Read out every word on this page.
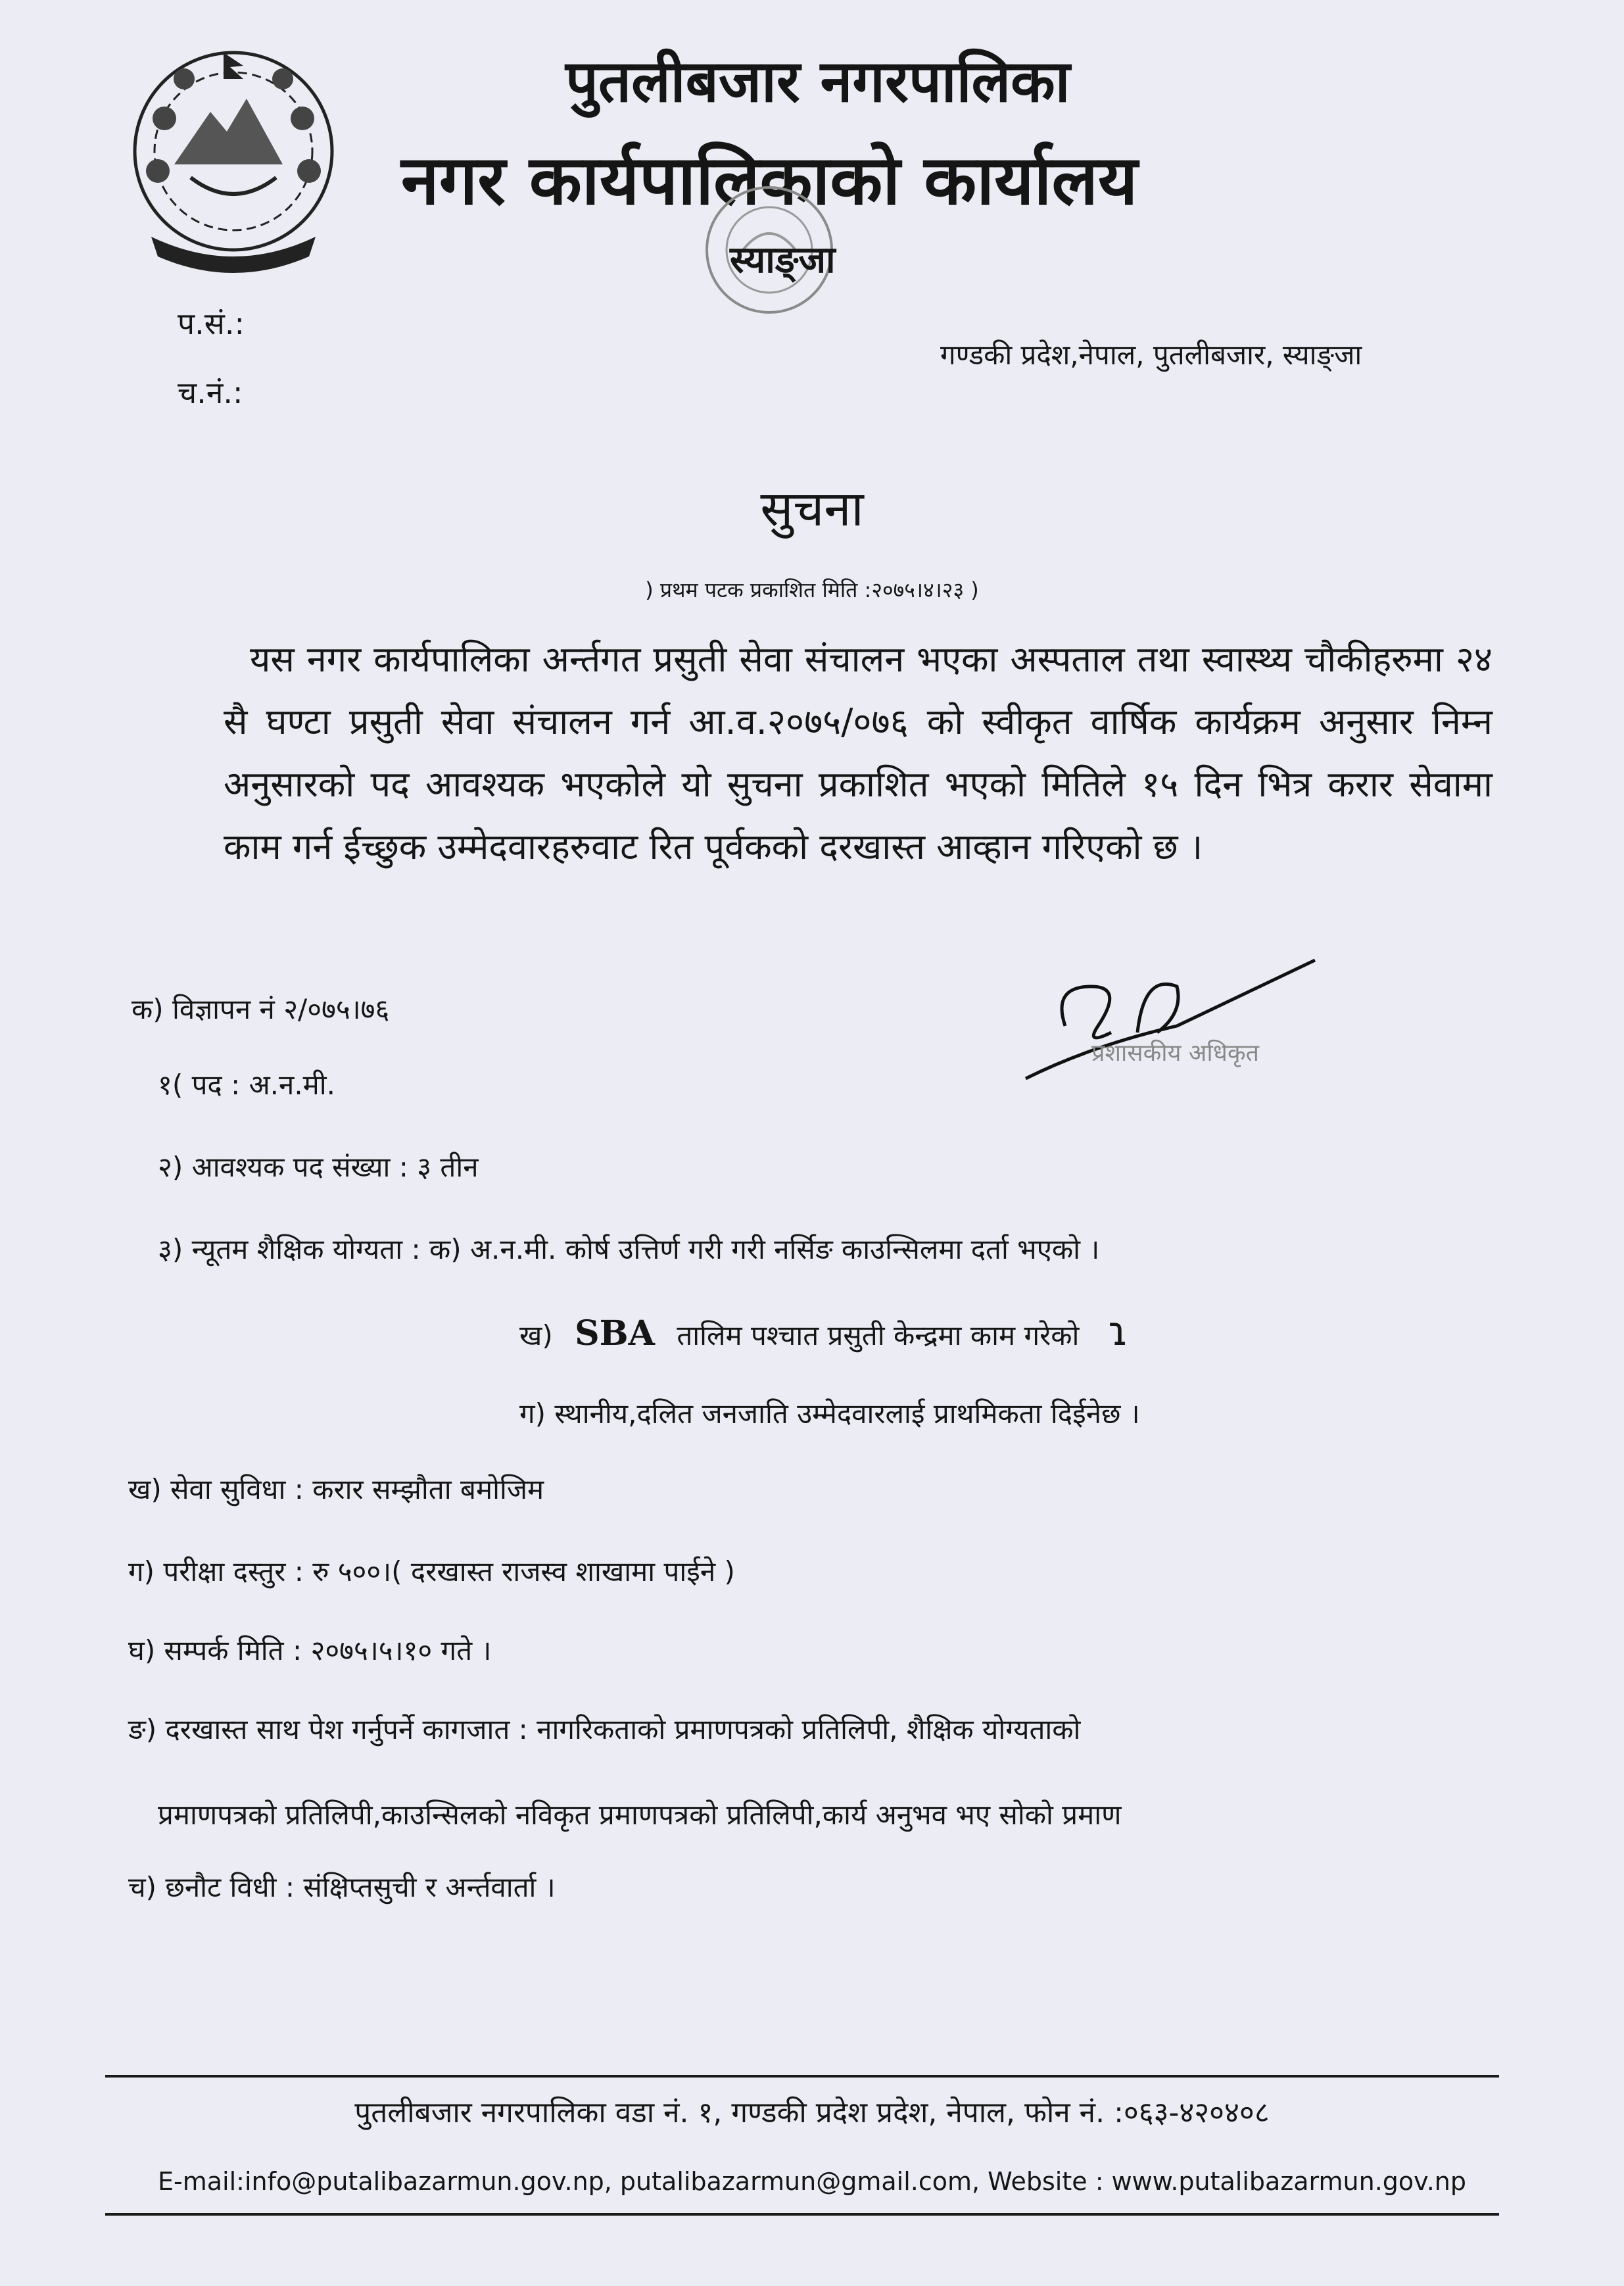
पुतलीबजार नगरपालिका
नगर कार्यपालिकाको कार्यालय
स्याङ्जा
प.सं.:
च.नं.:
गण्डकी प्रदेश,नेपाल, पुतलीबजार, स्याङ्जा
सुचना
) प्रथम पटक प्रकाशित मिति :२०७५।४।२३ )
यस नगर कार्यपालिका अर्न्तगत प्रसुती सेवा संचालन भएका अस्पताल तथा स्वास्थ्य चौकीहरुमा २४ सै घण्टा प्रसुती सेवा संचालन गर्न आ.व.२०७५/०७६ को स्वीकृत वार्षिक कार्यक्रम अनुसार निम्न अनुसारको पद आवश्यक भएकोले यो सुचना प्रकाशित भएको मितिले १५ दिन भित्र करार सेवामा काम गर्न ईच्छुक उम्मेदवारहरुवाट रित पूर्वकको दरखास्त आव्हान गरिएको छ ।
क) विज्ञापन नं २/०७५।७६
प्रशासकीय अधिकृत
१( पद : अ.न.मी.
२) आवश्यक पद संख्या : ३ तीन
३) न्यूतम शैक्षिक योग्यता : क) अ.न.मी. कोर्ष उत्तिर्ण गरी गरी नर्सिङ काउन्सिलमा दर्ता भएको ।
ख) SBA तालिम पश्चात प्रसुती केन्द्रमा काम गरेको ɿ
ग) स्थानीय,दलित जनजाति उम्मेदवारलाई प्राथमिकता दिईनेछ ।
ख) सेवा सुविधा : करार सम्झौता बमोजिम
ग) परीक्षा दस्तुर : रु ५००।( दरखास्त राजस्व शाखामा पाईने )
घ) सम्पर्क मिति : २०७५।५।१० गते ।
ङ) दरखास्त साथ पेश गर्नुपर्ने कागजात : नागरिकताको प्रमाणपत्रको प्रतिलिपी, शैक्षिक योग्यताको
प्रमाणपत्रको प्रतिलिपी,काउन्सिलको नविकृत प्रमाणपत्रको प्रतिलिपी,कार्य अनुभव भए सोको प्रमाण
च) छनौट विधी : संक्षिप्तसुची र अर्न्तवार्ता ।
पुतलीबजार नगरपालिका वडा नं. १, गण्डकी प्रदेश प्रदेश, नेपाल, फोन नं. :०६३-४२०४०८
E-mail:info@putalibazarmun.gov.np, putalibazarmun@gmail.com, Website : www.putalibazarmun.gov.np
